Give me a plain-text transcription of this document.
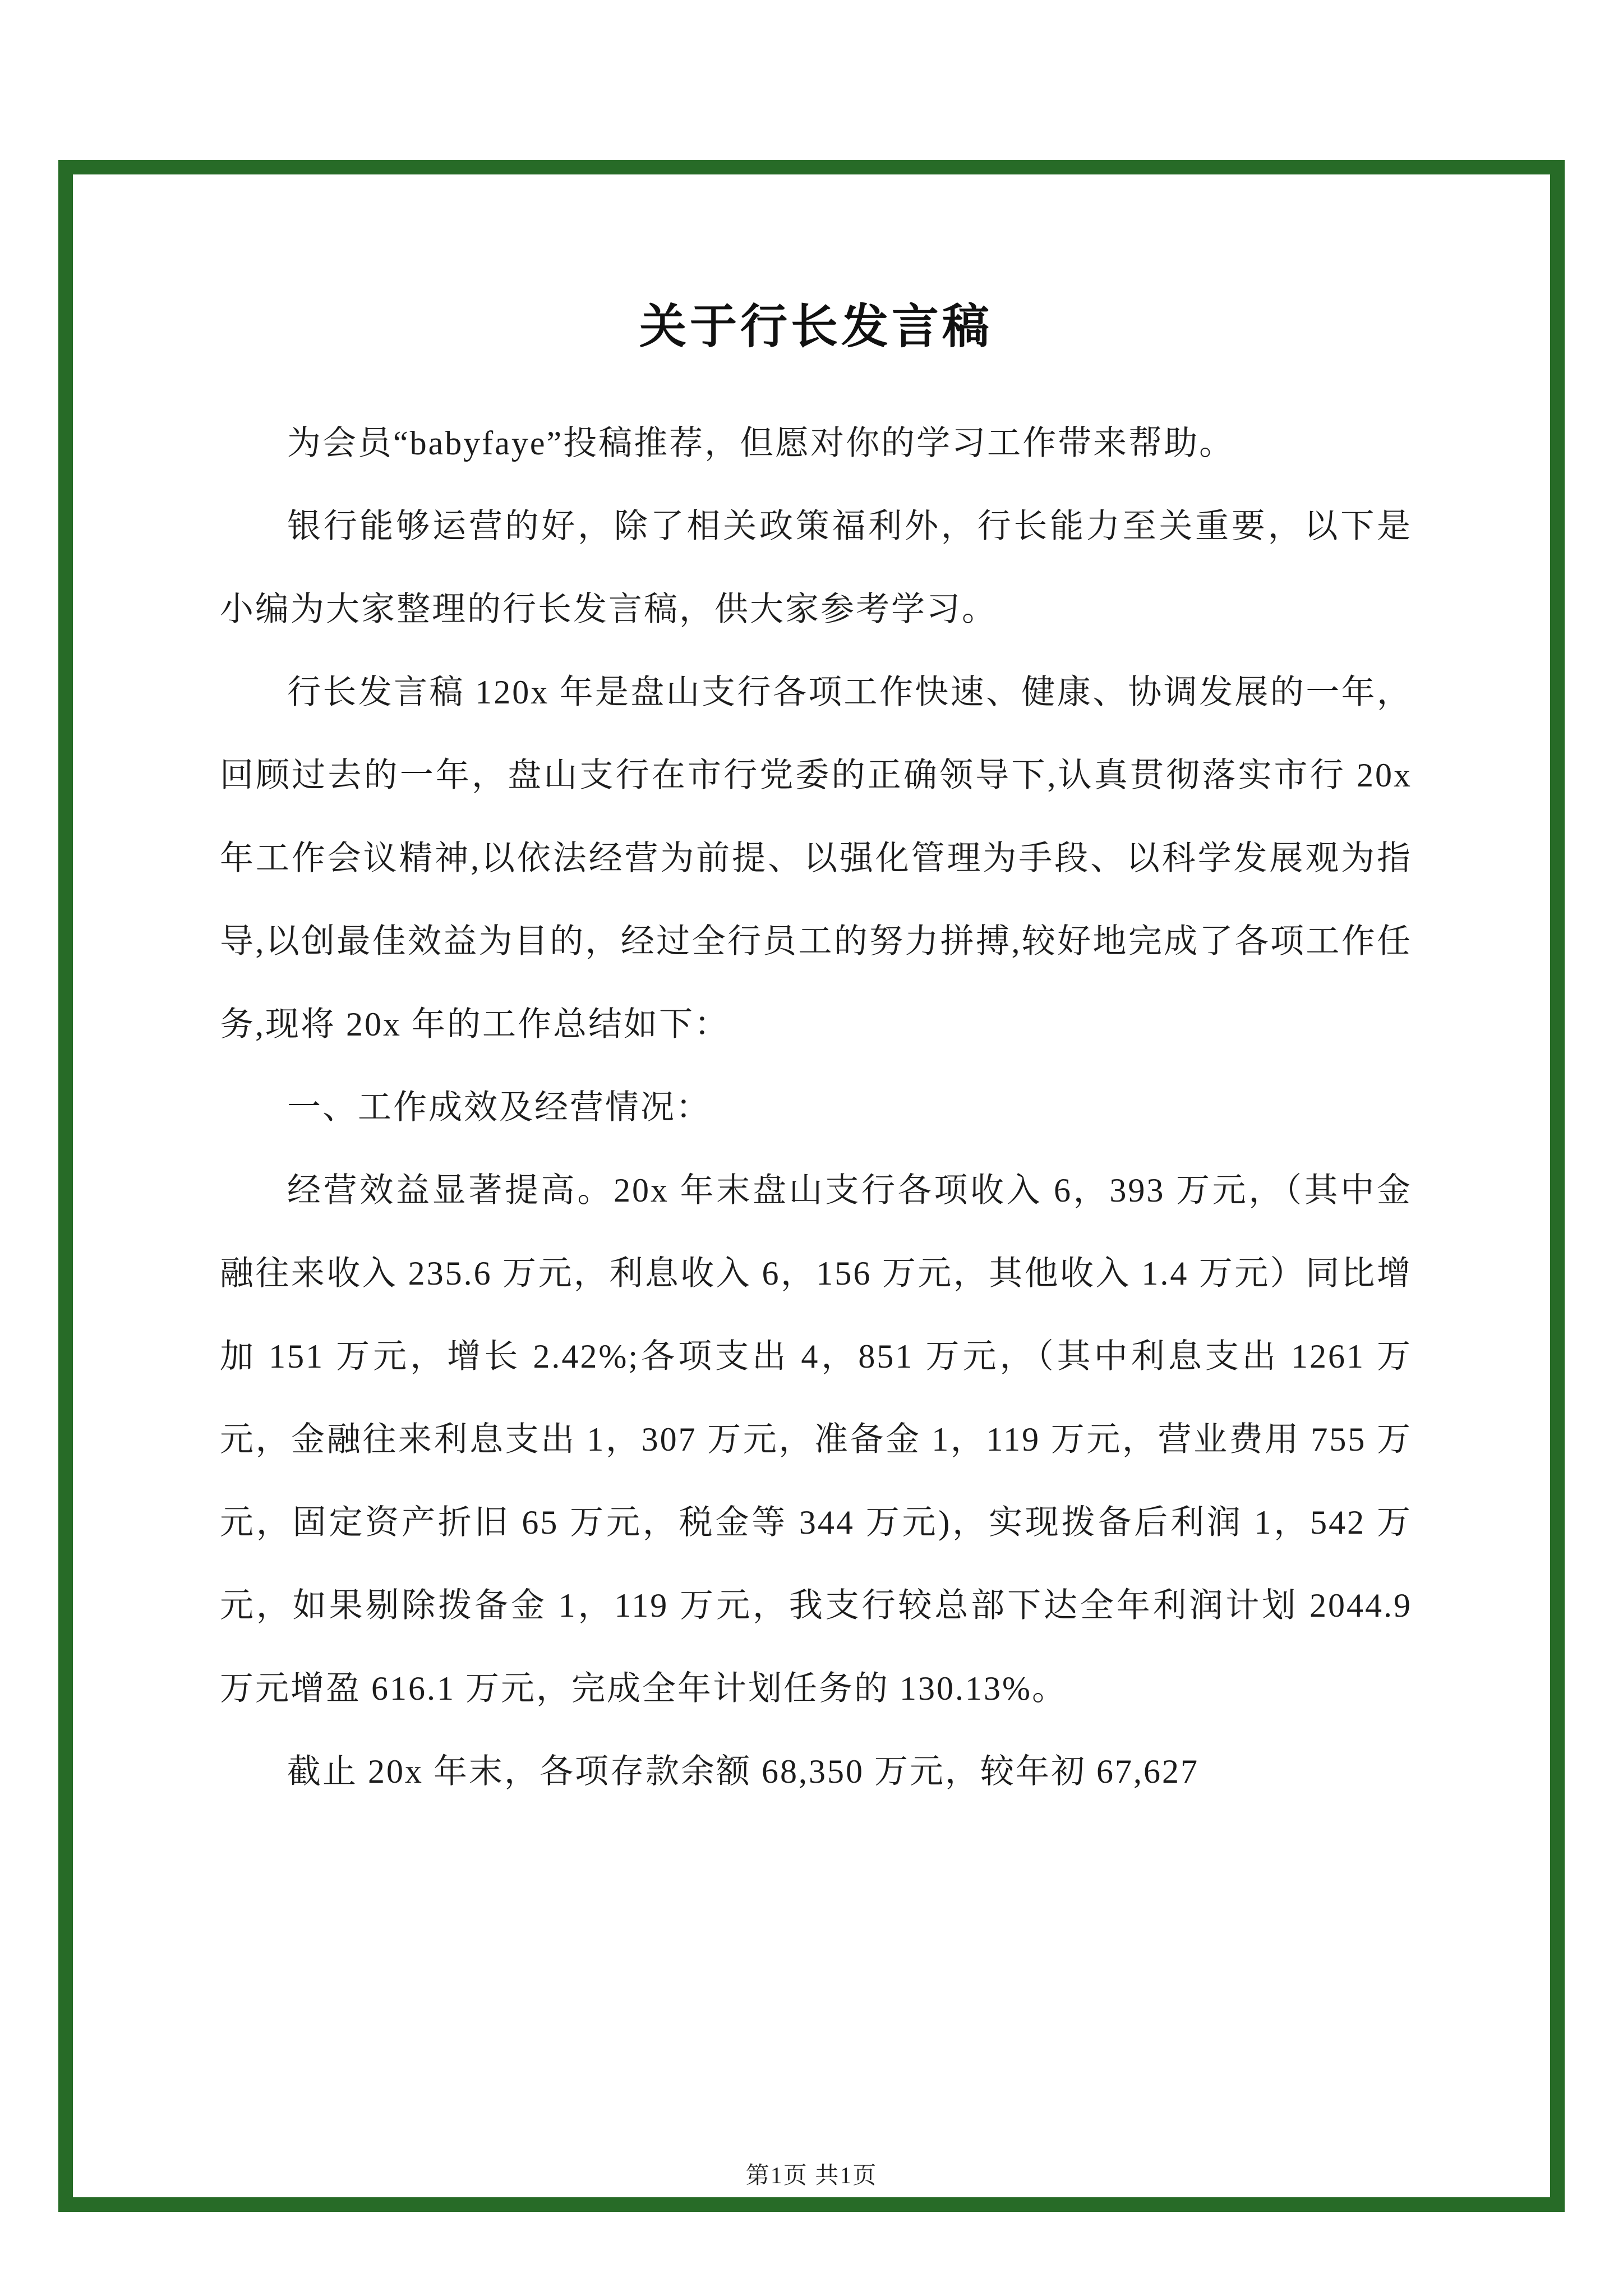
关于行长发言稿

为会员“babyfaye”投稿推荐，但愿对你的学习工作带来帮助。

银行能够运营的好，除了相关政策福利外，行长能力至关重要，以下是小编为大家整理的行长发言稿，供大家参考学习。

行长发言稿 120x 年是盘山支行各项工作快速、健康、协调发展的一年，回顾过去的一年，盘山支行在市行党委的正确领导下,认真贯彻落实市行 20x 年工作会议精神,以依法经营为前提、以强化管理为手段、以科学发展观为指导,以创最佳效益为目的，经过全行员工的努力拼搏,较好地完成了各项工作任务,现将 20x 年的工作总结如下：

一、工作成效及经营情况：

经营效益显著提高。20x 年末盘山支行各项收入 6，393 万元，（其中金融往来收入 235.6 万元，利息收入 6，156 万元，其他收入 1.4 万元）同比增加 151 万元，增长 2.42%;各项支出 4，851 万元，（其中利息支出 1261 万元，金融往来利息支出 1，307 万元，准备金 1，119 万元，营业费用 755 万元，固定资产折旧 65 万元，税金等 344 万元)，实现拨备后利润 1，542 万元，如果剔除拨备金 1，119 万元，我支行较总部下达全年利润计划 2044.9 万元增盈 616.1 万元，完成全年计划任务的 130.13%。

截止 20x 年末，各项存款余额 68,350 万元，较年初 67,627

第1页 共1页
